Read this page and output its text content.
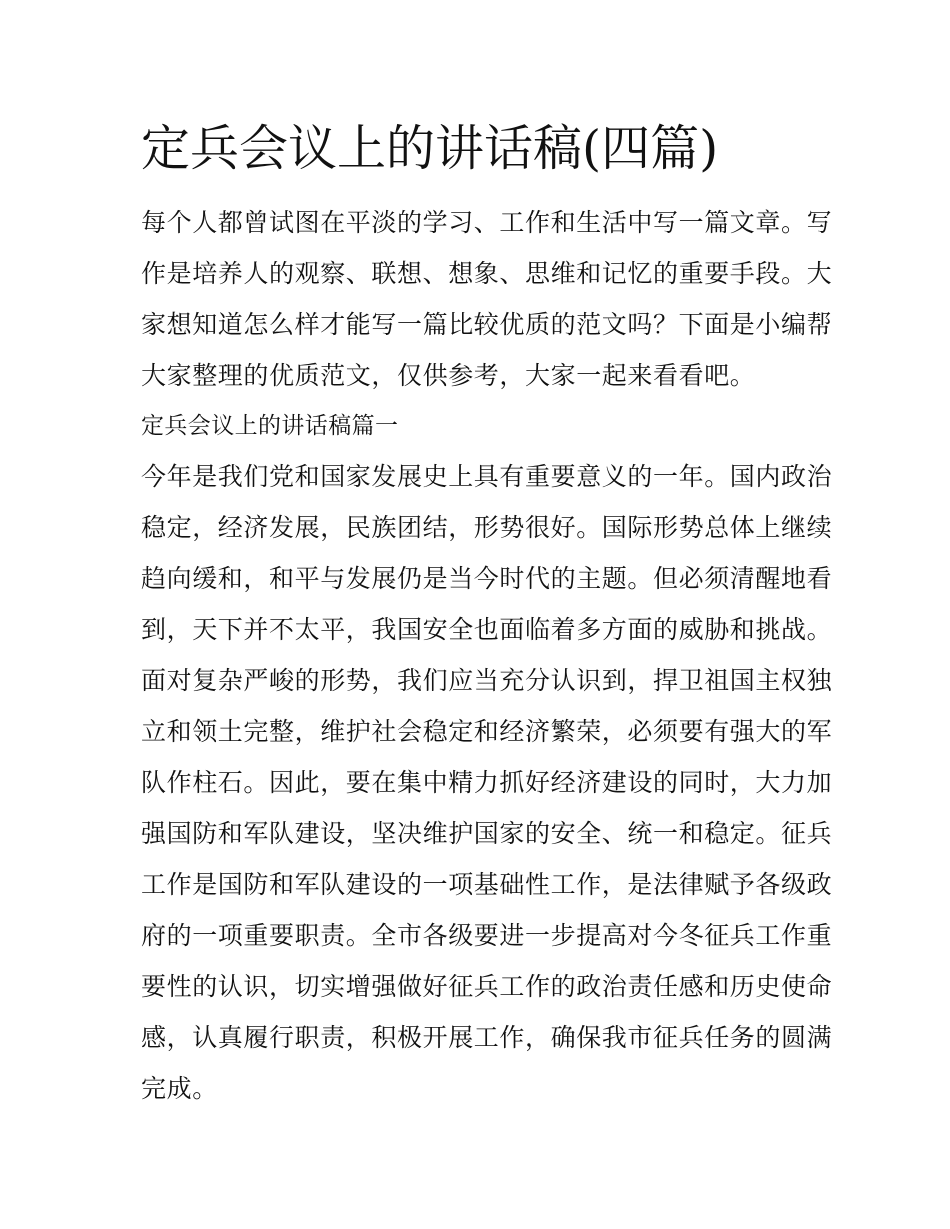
定兵会议上的讲话稿(四篇)

每个人都曾试图在平淡的学习、工作和生活中写一篇文章。写

作是培养人的观察、联想、想象、思维和记忆的重要手段。大

家想知道怎么样才能写一篇比较优质的范文吗？下面是小编帮

大家整理的优质范文，仅供参考，大家一起来看看吧。

定兵会议上的讲话稿篇一

今年是我们党和国家发展史上具有重要意义的一年。国内政治

稳定，经济发展，民族团结，形势很好。国际形势总体上继续

趋向缓和，和平与发展仍是当今时代的主题。但必须清醒地看

到，天下并不太平，我国安全也面临着多方面的威胁和挑战。

面对复杂严峻的形势，我们应当充分认识到，捍卫祖国主权独

立和领土完整，维护社会稳定和经济繁荣，必须要有强大的军

队作柱石。因此，要在集中精力抓好经济建设的同时，大力加

强国防和军队建设，坚决维护国家的安全、统一和稳定。征兵

工作是国防和军队建设的一项基础性工作，是法律赋予各级政

府的一项重要职责。全市各级要进一步提高对今冬征兵工作重

要性的认识，切实增强做好征兵工作的政治责任感和历史使命

感，认真履行职责，积极开展工作，确保我市征兵任务的圆满

完成。
